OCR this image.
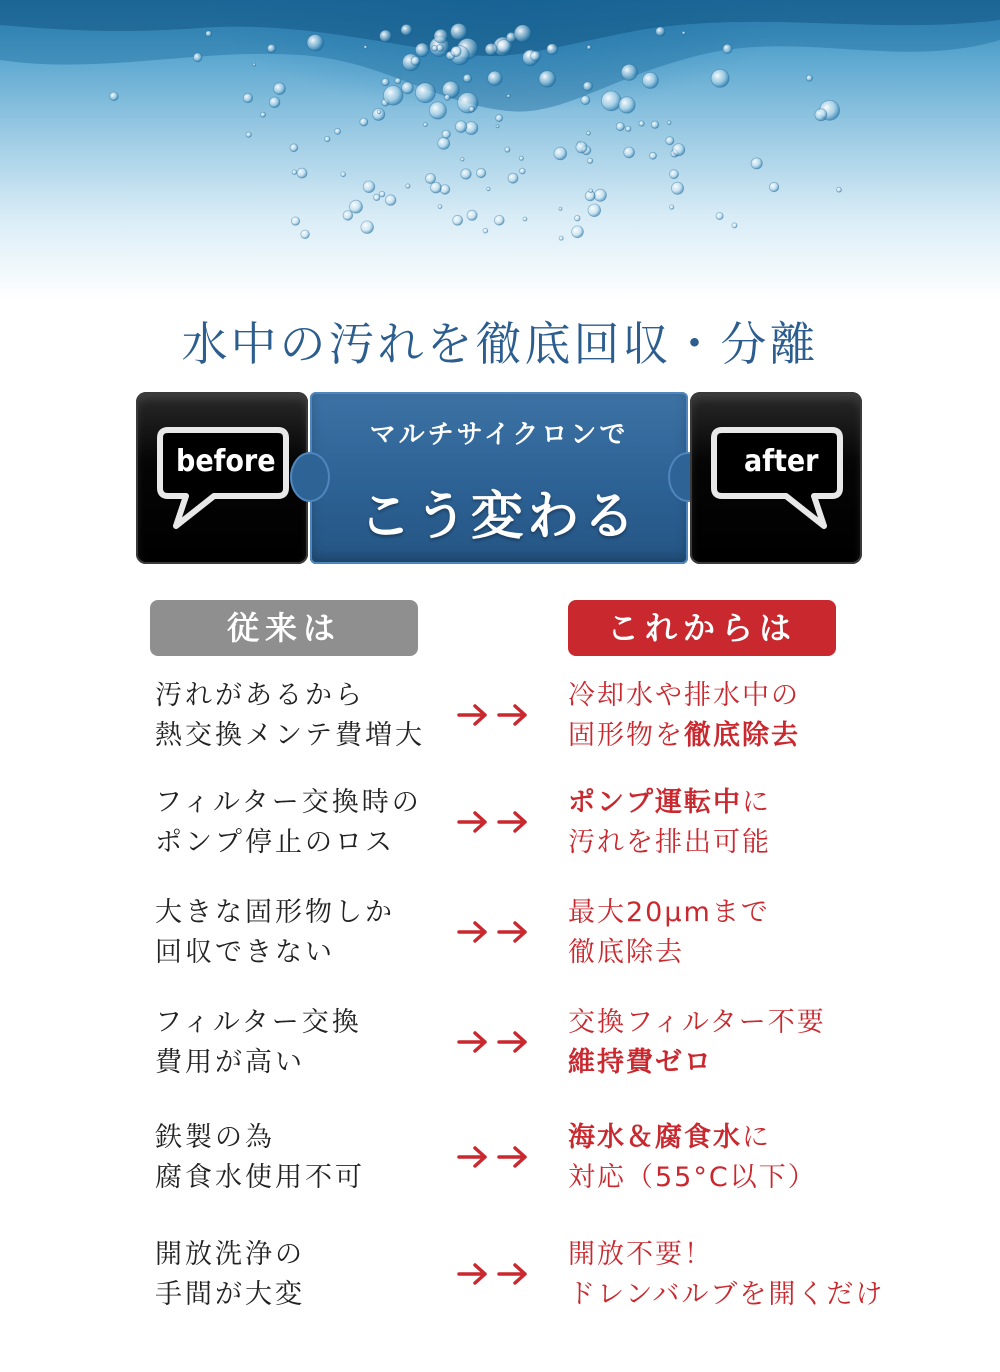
水中の汚れを徹底回収・分離
before
マルチサイクロンで
こう変わる
after
従来は	これからは
汚れがあるから
熱交換メンテ費増大
冷却水や排水中の
固形物を徹底除去
フィルター交換時の
ポンプ停止のロス
ポンプ運転中に
汚れを排出可能
大きな固形物しか
回収できない
最大20μmまで
徹底除去
フィルター交換
費用が高い
交換フィルター不要
維持費ゼロ
鉄製の為
腐食水使用不可
海水＆腐食水に
対応（55°C以下）
開放洗浄の
手間が大変
開放不要！
ドレンバルブを開くだけ
